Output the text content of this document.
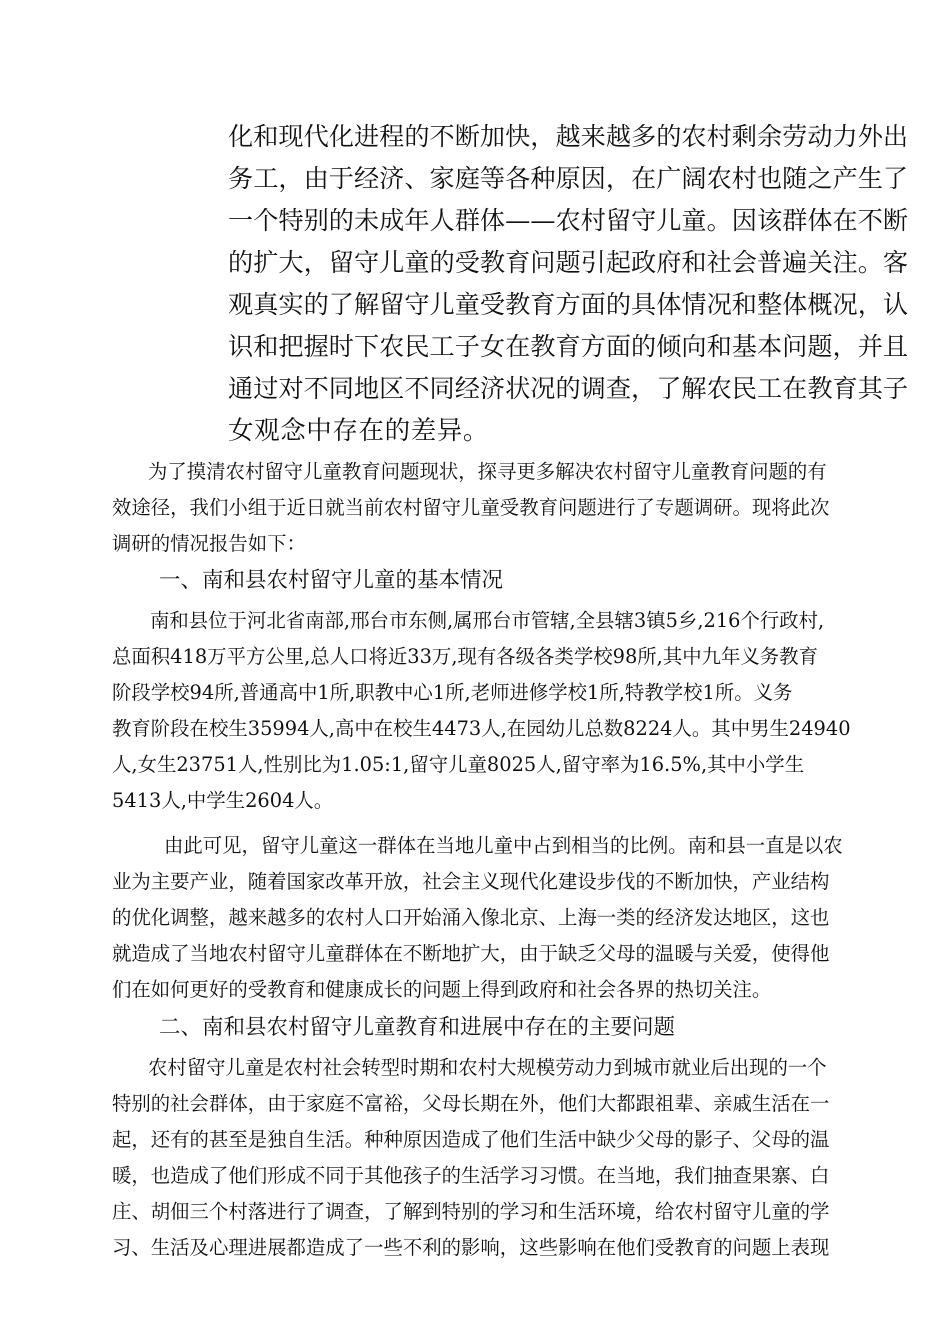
化和现代化进程的不断加快，越来越多的农村剩余劳动力外出

务工，由于经济、家庭等各种原因，在广阔农村也随之产生了

一个特别的未成年人群体——农村留守儿童。因该群体在不断

的扩大，留守儿童的受教育问题引起政府和社会普遍关注。客

观真实的了解留守儿童受教育方面的具体情况和整体概况，认

识和把握时下农民工子女在教育方面的倾向和基本问题，并且

通过对不同地区不同经济状况的调查，了解农民工在教育其子

女观念中存在的差异。

为了摸清农村留守儿童教育问题现状，探寻更多解决农村留守儿童教育问题的有

效途径，我们小组于近日就当前农村留守儿童受教育问题进行了专题调研。现将此次

调研的情况报告如下：

一、南和县农村留守儿童的基本情况

南和县位于河北省南部,邢台市东侧,属邢台市管辖,全县辖3镇5乡,216个行政村,

总面积418万平方公里,总人口将近33万,现有各级各类学校98所,其中九年义务教育

阶段学校94所,普通高中1所,职教中心1所,老师进修学校1所,特教学校1所。义务

教育阶段在校生35994人,高中在校生4473人,在园幼儿总数8224人。其中男生24940

人,女生23751人,性别比为1.05:1,留守儿童8025人,留守率为16.5%,其中小学生

5413人,中学生2604人。

由此可见，留守儿童这一群体在当地儿童中占到相当的比例。南和县一直是以农

业为主要产业，随着国家改革开放，社会主义现代化建设步伐的不断加快，产业结构

的优化调整，越来越多的农村人口开始涌入像北京、上海一类的经济发达地区，这也

就造成了当地农村留守儿童群体在不断地扩大，由于缺乏父母的温暖与关爱，使得他

们在如何更好的受教育和健康成长的问题上得到政府和社会各界的热切关注。

二、南和县农村留守儿童教育和进展中存在的主要问题

农村留守儿童是农村社会转型时期和农村大规模劳动力到城市就业后出现的一个

特别的社会群体，由于家庭不富裕，父母长期在外，他们大都跟祖辈、亲戚生活在一

起，还有的甚至是独自生活。种种原因造成了他们生活中缺少父母的影子、父母的温

暖，也造成了他们形成不同于其他孩子的生活学习习惯。在当地，我们抽查果寨、白

庄、胡佃三个村落进行了调查，了解到特别的学习和生活环境，给农村留守儿童的学

习、生活及心理进展都造成了一些不利的影响，这些影响在他们受教育的问题上表现
